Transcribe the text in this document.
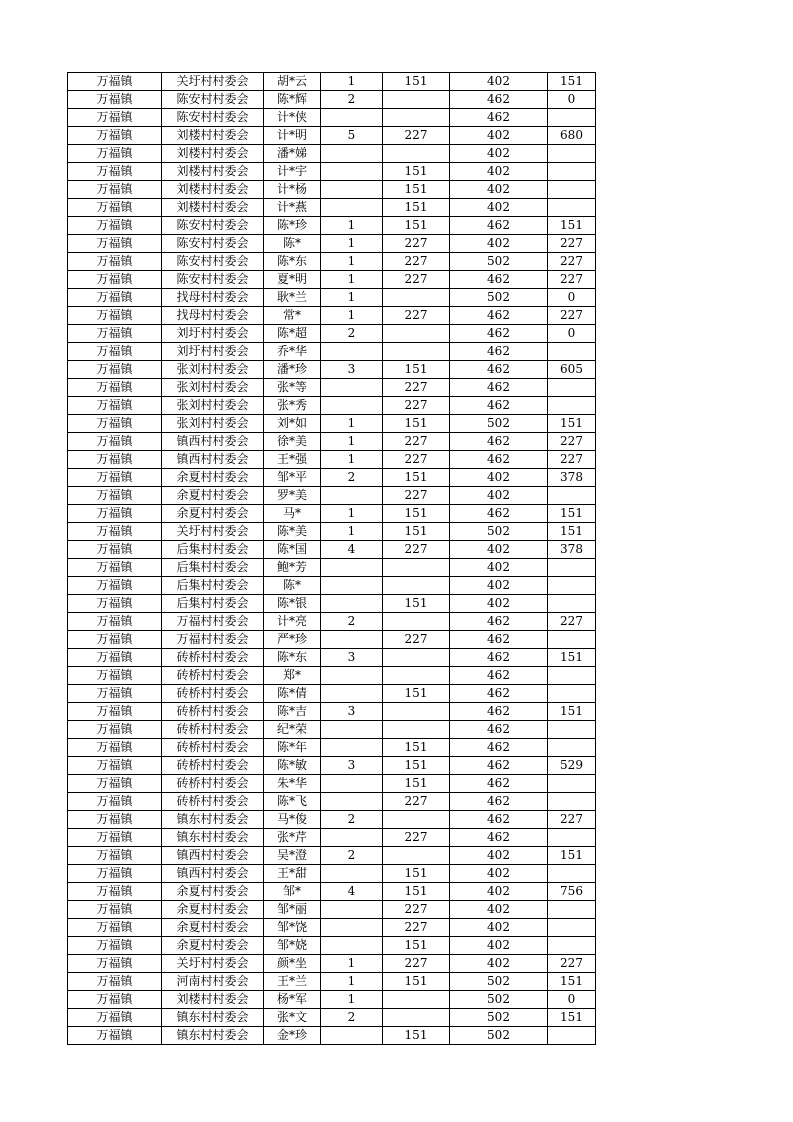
万福镇	关圩村村委会	胡*云	1	151	402	151
万福镇	陈安村村委会	陈*辉	2		462	0
万福镇	陈安村村委会	计*侠			462	
万福镇	刘楼村村委会	计*明	5	227	402	680
万福镇	刘楼村村委会	潘*娣			402	
万福镇	刘楼村村委会	计*宇		151	402	
万福镇	刘楼村村委会	计*杨		151	402	
万福镇	刘楼村村委会	计*燕		151	402	
万福镇	陈安村村委会	陈*珍	1	151	462	151
万福镇	陈安村村委会	陈*	1	227	402	227
万福镇	陈安村村委会	陈*东	1	227	502	227
万福镇	陈安村村委会	夏*明	1	227	462	227
万福镇	找母村村委会	耿*兰	1		502	0
万福镇	找母村村委会	常*	1	227	462	227
万福镇	刘圩村村委会	陈*超	2		462	0
万福镇	刘圩村村委会	乔*华			462	
万福镇	张刘村村委会	潘*珍	3	151	462	605
万福镇	张刘村村委会	张*等		227	462	
万福镇	张刘村村委会	张*秀		227	462	
万福镇	张刘村村委会	刘*如	1	151	502	151
万福镇	镇西村村委会	徐*美	1	227	462	227
万福镇	镇西村村委会	王*强	1	227	462	227
万福镇	余夏村村委会	邹*平	2	151	402	378
万福镇	余夏村村委会	罗*美		227	402	
万福镇	余夏村村委会	马*	1	151	462	151
万福镇	关圩村村委会	陈*美	1	151	502	151
万福镇	后集村村委会	陈*国	4	227	402	378
万福镇	后集村村委会	鲍*芳			402	
万福镇	后集村村委会	陈*			402	
万福镇	后集村村委会	陈*银		151	402	
万福镇	万福村村委会	计*亮	2		462	227
万福镇	万福村村委会	严*珍		227	462	
万福镇	砖桥村村委会	陈*东	3		462	151
万福镇	砖桥村村委会	郑*			462	
万福镇	砖桥村村委会	陈*倩		151	462	
万福镇	砖桥村村委会	陈*吉	3		462	151
万福镇	砖桥村村委会	纪*荣			462	
万福镇	砖桥村村委会	陈*年		151	462	
万福镇	砖桥村村委会	陈*敏	3	151	462	529
万福镇	砖桥村村委会	朱*华		151	462	
万福镇	砖桥村村委会	陈*飞		227	462	
万福镇	镇东村村委会	马*俊	2		462	227
万福镇	镇东村村委会	张*芹		227	462	
万福镇	镇西村村委会	吴*澄	2		402	151
万福镇	镇西村村委会	王*甜		151	402	
万福镇	余夏村村委会	邹*	4	151	402	756
万福镇	余夏村村委会	邹*丽		227	402	
万福镇	余夏村村委会	邹*饶		227	402	
万福镇	余夏村村委会	邹*娆		151	402	
万福镇	关圩村村委会	颜*坐	1	227	402	227
万福镇	河南村村委会	王*兰	1	151	502	151
万福镇	刘楼村村委会	杨*军	1		502	0
万福镇	镇东村村委会	张*文	2		502	151
万福镇	镇东村村委会	金*珍		151	502	
